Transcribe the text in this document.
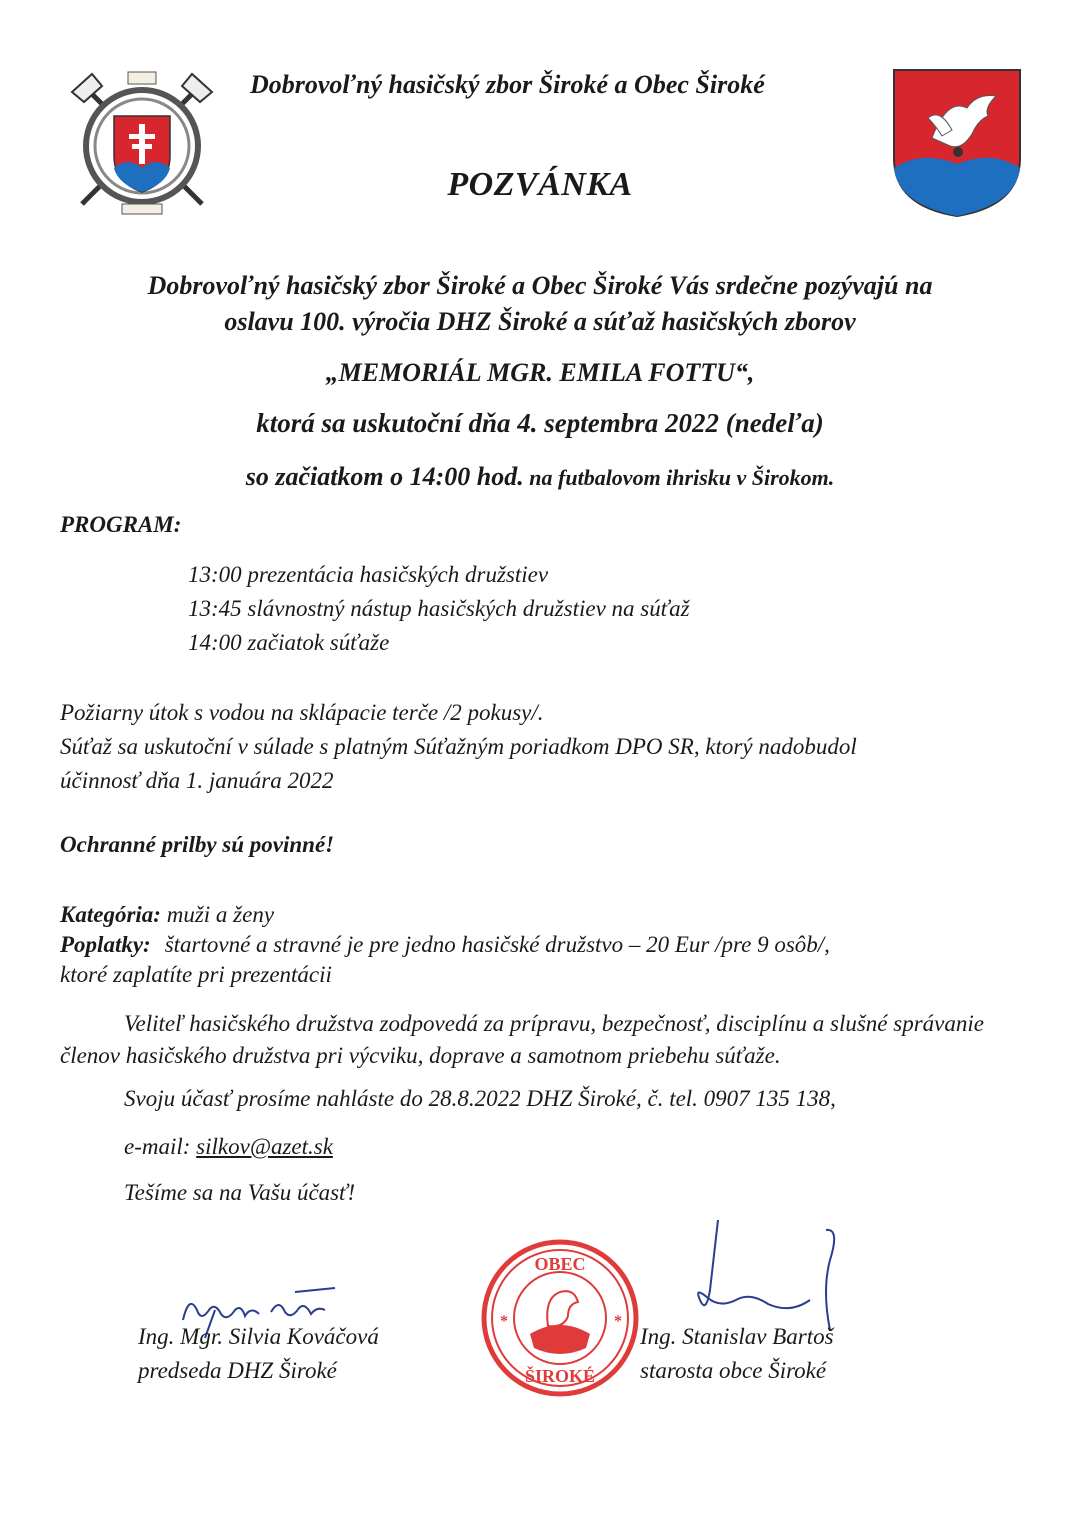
Dobrovoľný hasičský zbor Široké a Obec Široké
POZVÁNKA
Dobrovoľný hasičský zbor Široké a Obec Široké Vás srdečne pozývajú na
oslavu 100. výročia DHZ Široké a súťaž hasičských zborov
„MEMORIÁL MGR. EMILA FOTTU“,
ktorá sa uskutoční dňa 4. septembra 2022 (nedeľa)
so začiatkom o 14:00 hod. na futbalovom ihrisku v Širokom.
PROGRAM:
13:00 prezentácia hasičských družstiev
13:45 slávnostný nástup hasičských družstiev na súťaž
14:00 začiatok súťaže
Požiarny útok s vodou na sklápacie terče /2 pokusy/.
Súťaž sa uskutoční v súlade s platným Súťažným poriadkom DPO SR, ktorý nadobudol
účinnosť dňa 1. januára 2022
Ochranné prilby sú povinné!
Kategória: muži a ženy
Poplatky: štartovné a stravné je pre jedno hasičské družstvo – 20 Eur /pre 9 osôb/,
ktoré zaplatíte pri prezentácii
Veliteľ hasičského družstva zodpovedá za prípravu, bezpečnosť, disciplínu a slušné správanie členov hasičského družstva pri výcviku, doprave a samotnom priebehu súťaže.
Svoju účasť prosíme nahláste do 28.8.2022 DHZ Široké, č. tel. 0907 135 138,
e-mail: silkov@azet.sk
Tešíme sa na Vašu účasť!
Ing. Mgr. Silvia Kováčová
predseda DHZ Široké
*	*
OBEC
ŠIROKÉ
Ing. Stanislav Bartoš
starosta obce Široké
